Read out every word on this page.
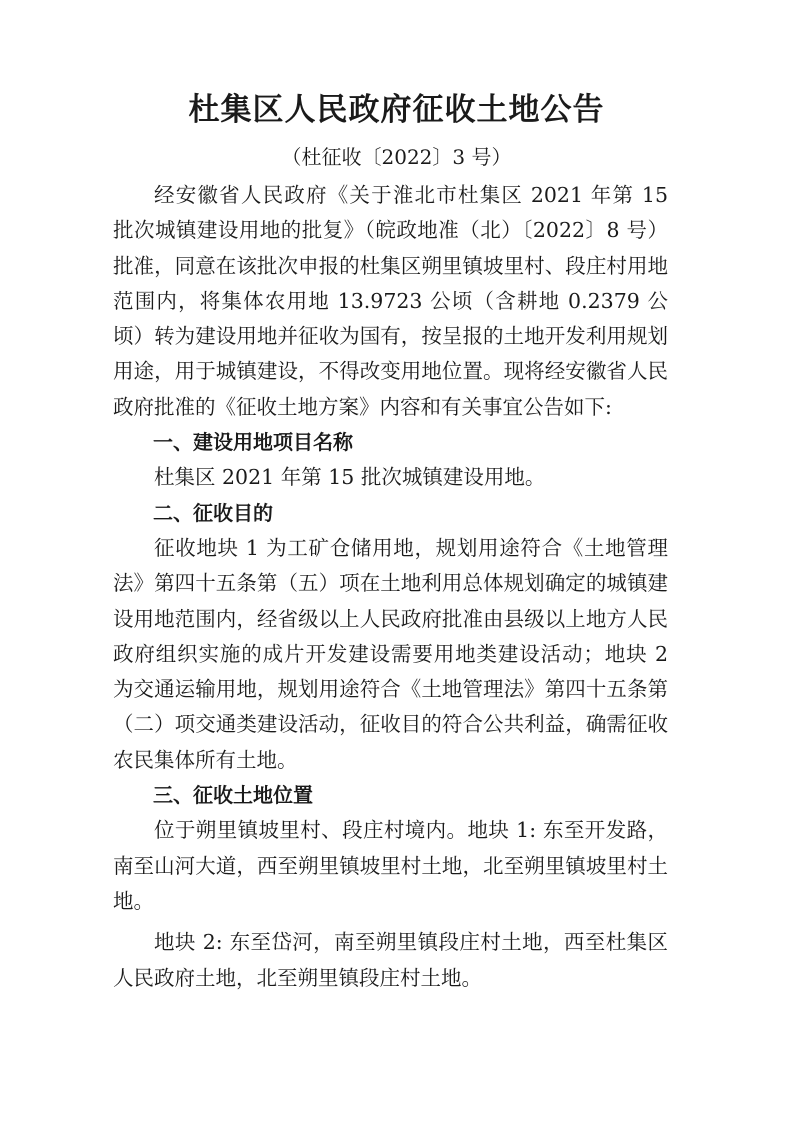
杜集区人民政府征收土地公告
（杜征收〔2022〕3 号）

经安徽省人民政府《关于淮北市杜集区 2021 年第 15 批次城镇建设用地的批复》（皖政地准（北）〔2022〕8 号）批准，同意在该批次申报的杜集区朔里镇坡里村、段庄村用地范围内，将集体农用地 13.9723 公顷（含耕地 0.2379 公顷）转为建设用地并征收为国有，按呈报的土地开发利用规划用途，用于城镇建设，不得改变用地位置。现将经安徽省人民政府批准的《征收土地方案》内容和有关事宜公告如下:

一、建设用地项目名称

杜集区 2021 年第 15 批次城镇建设用地。

二、征收目的

征收地块 1 为工矿仓储用地，规划用途符合《土地管理法》第四十五条第（五）项在土地利用总体规划确定的城镇建设用地范围内，经省级以上人民政府批准由县级以上地方人民政府组织实施的成片开发建设需要用地类建设活动；地块 2 为交通运输用地，规划用途符合《土地管理法》第四十五条第（二）项交通类建设活动，征收目的符合公共利益，确需征收农民集体所有土地。

三、征收土地位置

位于朔里镇坡里村、段庄村境内。地块 1: 东至开发路，南至山河大道，西至朔里镇坡里村土地，北至朔里镇坡里村土地。

地块 2: 东至岱河，南至朔里镇段庄村土地，西至杜集区人民政府土地，北至朔里镇段庄村土地。
